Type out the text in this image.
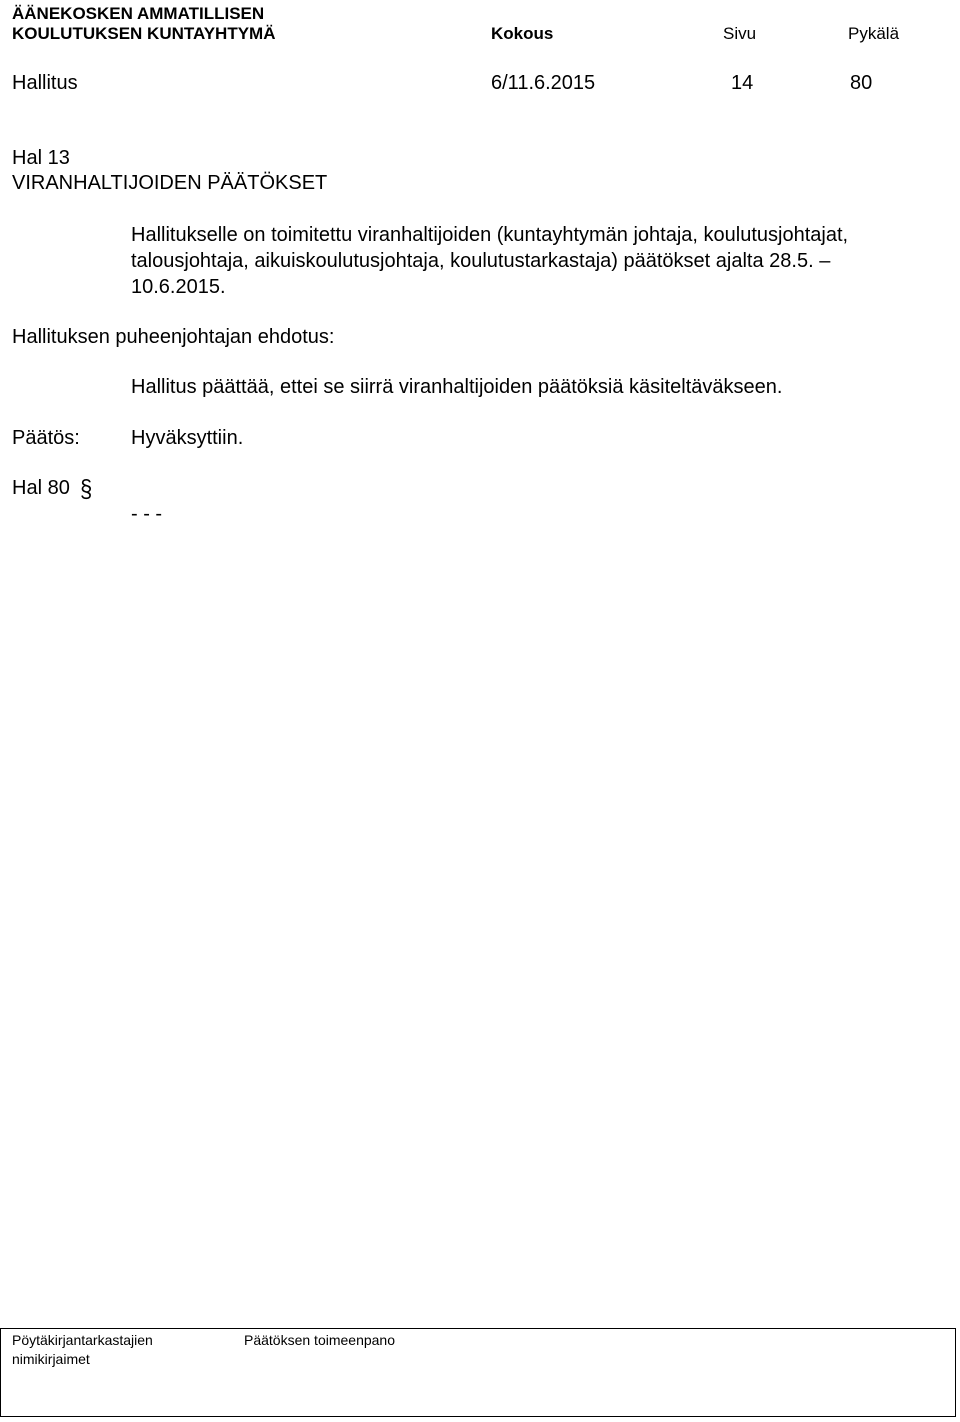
ÄÄNEKOSKEN AMMATILLISEN
KOULUTUKSEN KUNTAYHTYMÄ	Kokous	Sivu	Pykälä
Hallitus	6/11.6.2015	14	80
Hal 13
VIRANHALTIJOIDEN PÄÄTÖKSET
Hallitukselle on toimitettu viranhaltijoiden (kuntayhtymän johtaja, koulutusjohtajat,
talousjohtaja, aikuiskoulutusjohtaja, koulutustarkastaja) päätökset ajalta 28.5. –
10.6.2015.
Hallituksen puheenjohtajan ehdotus:
Hallitus päättää, ettei se siirrä viranhaltijoiden päätöksiä käsiteltäväkseen.
Päätös:	Hyväksyttiin.
Hal 80 §
- - -
Pöytäkirjantarkastajien nimikirjaimet
Päätöksen toimeenpano
